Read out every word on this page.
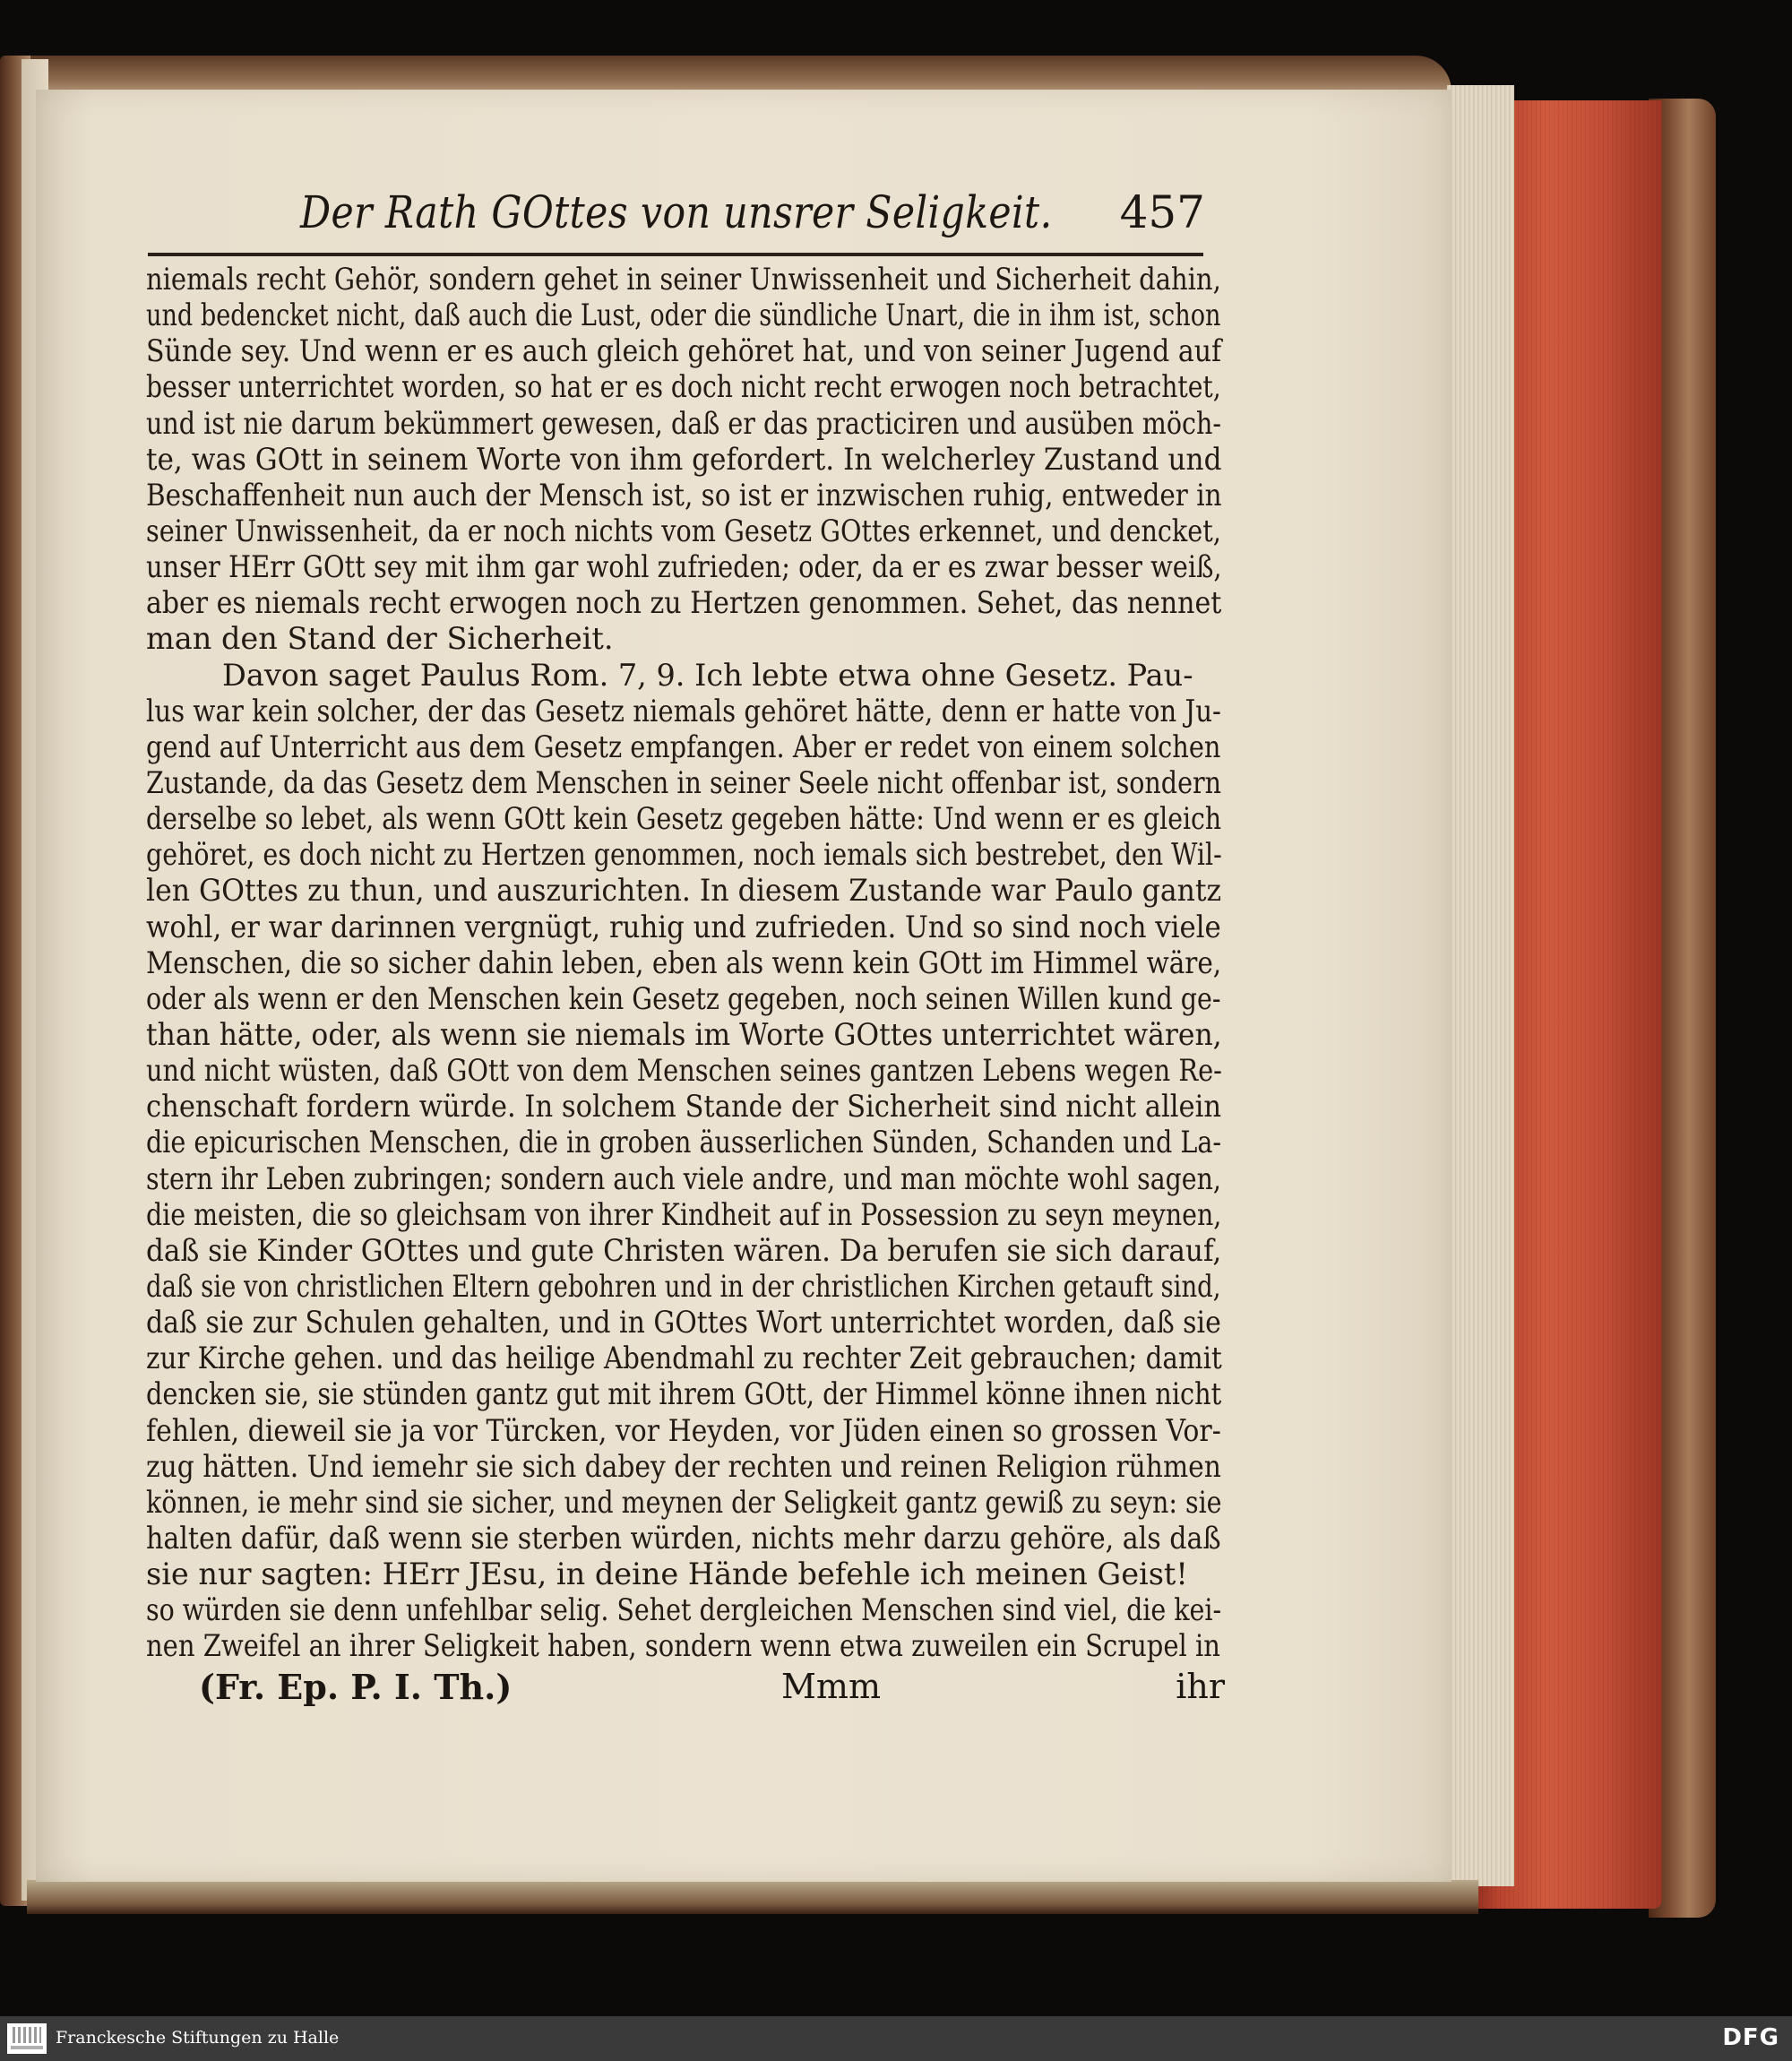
Der Rath GOttes von unsrer Seligkeit. 457
niemals recht Gehör, sondern gehet in seiner Unwissenheit und Sicherheit dahin,
und bedencket nicht, daß auch die Lust, oder die sündliche Unart, die in ihm ist, schon
Sünde sey. Und wenn er es auch gleich gehöret hat, und von seiner Jugend auf
besser unterrichtet worden, so hat er es doch nicht recht erwogen noch betrachtet,
und ist nie darum bekümmert gewesen, daß er das practiciren und ausüben möch-
te, was GOtt in seinem Worte von ihm gefordert. In welcherley Zustand und
Beschaffenheit nun auch der Mensch ist, so ist er inzwischen ruhig, entweder in
seiner Unwissenheit, da er noch nichts vom Gesetz GOttes erkennet, und dencket,
unser HErr GOtt sey mit ihm gar wohl zufrieden; oder, da er es zwar besser weiß,
aber es niemals recht erwogen noch zu Hertzen genommen. Sehet, das nennet
man den Stand der Sicherheit.
Davon saget Paulus Rom. 7, 9. Ich lebte etwa ohne Gesetz. Pau-
lus war kein solcher, der das Gesetz niemals gehöret hätte, denn er hatte von Ju-
gend auf Unterricht aus dem Gesetz empfangen. Aber er redet von einem solchen
Zustande, da das Gesetz dem Menschen in seiner Seele nicht offenbar ist, sondern
derselbe so lebet, als wenn GOtt kein Gesetz gegeben hätte: Und wenn er es gleich
gehöret, es doch nicht zu Hertzen genommen, noch iemals sich bestrebet, den Wil-
len GOttes zu thun, und auszurichten. In diesem Zustande war Paulo gantz
wohl, er war darinnen vergnügt, ruhig und zufrieden. Und so sind noch viele
Menschen, die so sicher dahin leben, eben als wenn kein GOtt im Himmel wäre,
oder als wenn er den Menschen kein Gesetz gegeben, noch seinen Willen kund ge-
than hätte, oder, als wenn sie niemals im Worte GOttes unterrichtet wären,
und nicht wüsten, daß GOtt von dem Menschen seines gantzen Lebens wegen Re-
chenschaft fordern würde. In solchem Stande der Sicherheit sind nicht allein
die epicurischen Menschen, die in groben äusserlichen Sünden, Schanden und La-
stern ihr Leben zubringen; sondern auch viele andre, und man möchte wohl sagen,
die meisten, die so gleichsam von ihrer Kindheit auf in Possession zu seyn meynen,
daß sie Kinder GOttes und gute Christen wären. Da berufen sie sich darauf,
daß sie von christlichen Eltern gebohren und in der christlichen Kirchen getauft sind,
daß sie zur Schulen gehalten, und in GOttes Wort unterrichtet worden, daß sie
zur Kirche gehen. und das heilige Abendmahl zu rechter Zeit gebrauchen; damit
dencken sie, sie stünden gantz gut mit ihrem GOtt, der Himmel könne ihnen nicht
fehlen, dieweil sie ja vor Türcken, vor Heyden, vor Jüden einen so grossen Vor-
zug hätten. Und iemehr sie sich dabey der rechten und reinen Religion rühmen
können, ie mehr sind sie sicher, und meynen der Seligkeit gantz gewiß zu seyn: sie
halten dafür, daß wenn sie sterben würden, nichts mehr darzu gehöre, als daß
sie nur sagten: HErr JEsu, in deine Hände befehle ich meinen Geist!
so würden sie denn unfehlbar selig. Sehet dergleichen Menschen sind viel, die kei-
nen Zweifel an ihrer Seligkeit haben, sondern wenn etwa zuweilen ein Scrupel in
(Fr. Ep. P. I. Th.)	Mmm	ihr
Franckesche Stiftungen zu Halle	DFG
